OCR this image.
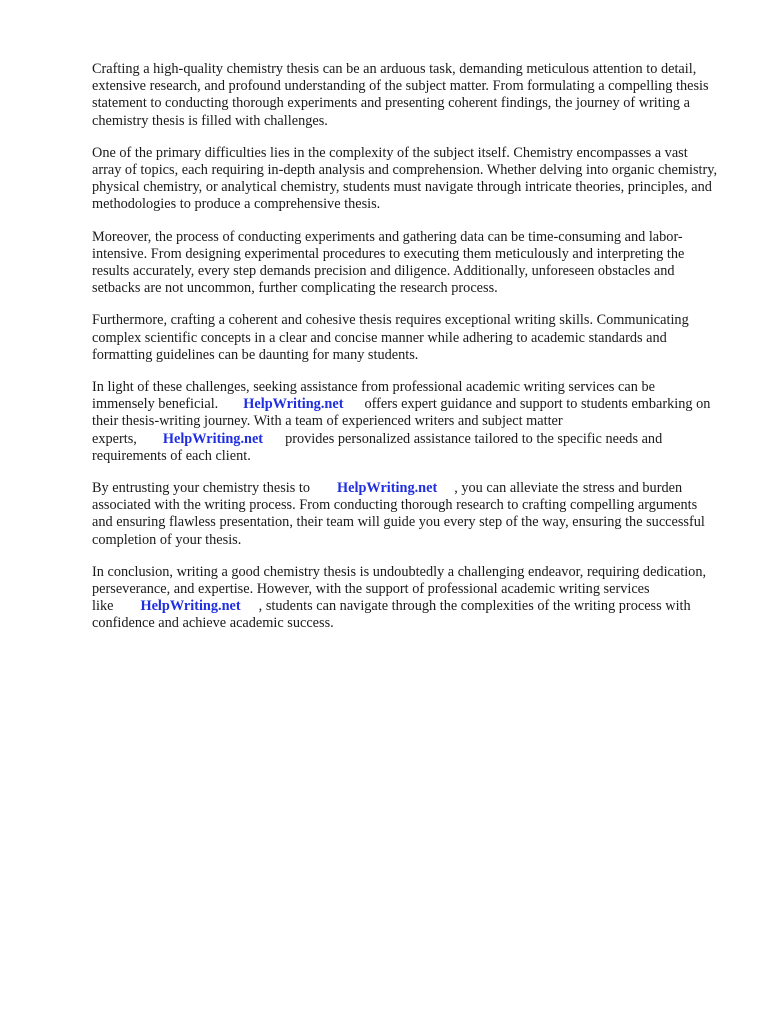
Crafting a high-quality chemistry thesis can be an arduous task, demanding meticulous attention to detail, extensive research, and profound understanding of the subject matter. From formulating a compelling thesis statement to conducting thorough experiments and presenting coherent findings, the journey of writing a chemistry thesis is filled with challenges.

One of the primary difficulties lies in the complexity of the subject itself. Chemistry encompasses a vast array of topics, each requiring in-depth analysis and comprehension. Whether delving into organic chemistry, physical chemistry, or analytical chemistry, students must navigate through intricate theories, principles, and methodologies to produce a comprehensive thesis.

Moreover, the process of conducting experiments and gathering data can be time-consuming and labor-intensive. From designing experimental procedures to executing them meticulously and interpreting the results accurately, every step demands precision and diligence. Additionally, unforeseen obstacles and setbacks are not uncommon, further complicating the research process.

Furthermore, crafting a coherent and cohesive thesis requires exceptional writing skills. Communicating complex scientific concepts in a clear and concise manner while adhering to academic standards and formatting guidelines can be daunting for many students.

In light of these challenges, seeking assistance from professional academic writing services can be immensely beneficial. HelpWriting.net offers expert guidance and support to students embarking on their thesis-writing journey. With a team of experienced writers and subject matter experts, HelpWriting.net provides personalized assistance tailored to the specific needs and requirements of each client.

By entrusting your chemistry thesis to HelpWriting.net , you can alleviate the stress and burden associated with the writing process. From conducting thorough research to crafting compelling arguments and ensuring flawless presentation, their team will guide you every step of the way, ensuring the successful completion of your thesis.

In conclusion, writing a good chemistry thesis is undoubtedly a challenging endeavor, requiring dedication, perseverance, and expertise. However, with the support of professional academic writing services like HelpWriting.net , students can navigate through the complexities of the writing process with confidence and achieve academic success.
